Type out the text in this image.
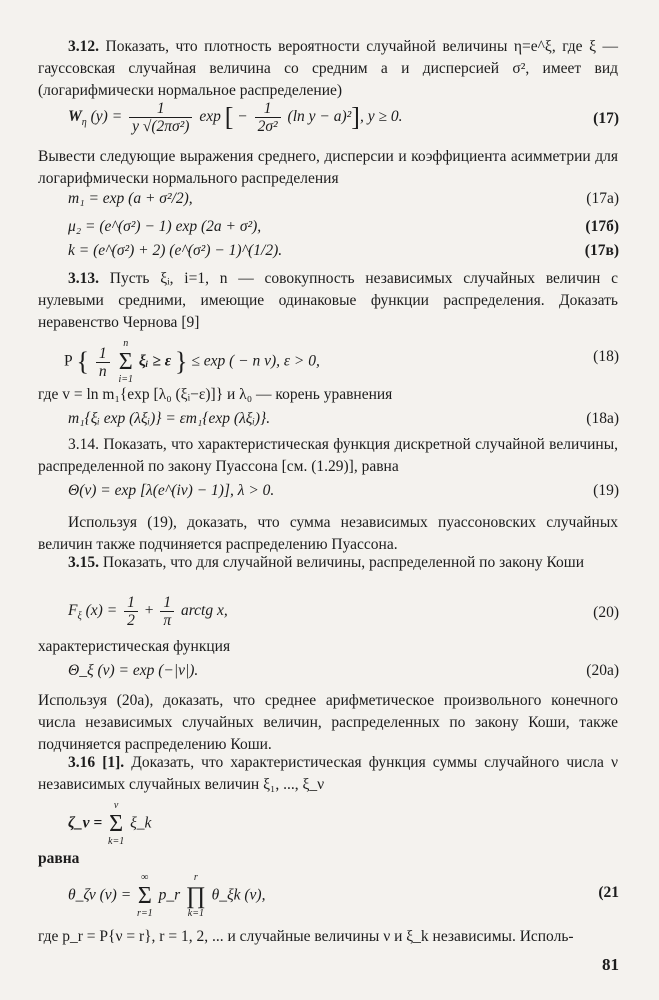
3.12. Показать, что плотность вероятности случайной величины η=e^ξ, где ξ — гауссовская случайная величина со средним a и дисперсией σ², имеет вид (логарифмически нормальное распределение)

$W_\eta$ $(y) = \frac{1}{\text{y √(2πσ²)}}$ exp [ − $\frac{1}{\text{2σ²}} (\ln$ y − a)²], y ≥ 0.	(17)

Вывести следующие выражения среднего, дисперсии и коэффициента асимметрии для логарифмически нормального распределения

m₁ = exp (a + σ²/2),	(17а)
μ₂ = (e^(σ²) − 1) exp (2a + σ²),	(17б)
k = (e^(σ²) + 2) (e^(σ²) − 1)^(1/2).	(17в)

3.13. Пусть ξᵢ, i=1, n — совокупность независимых случайных величин с нулевыми средними, имеющие одинаковые функции распределения. Доказать неравенство Чернова [9]

P { $\frac{1}{n}$

n
Σ
i=1
ξᵢ ≥ ε } ≤ exp ( − n v), ε > 0,	(18)

где v = ln m₁{exp [λ₀ (ξᵢ−ε)]} и λ₀ — корень уравнения

m₁{ξᵢ exp (λξᵢ)} = εm₁{exp (λξᵢ)}.	(18а)

3.14. Показать, что характеристическая функция дискретной случайной величины, распределенной по закону Пуассона [см. (1.29)], равна

Θ(v) = exp [λ(e^(iv) − 1)], λ > 0.	(19)

Используя (19), доказать, что сумма независимых пуассоновских случайных величин также подчиняется распределению Пуассона.

3.15. Показать, что для случайной величины, распределенной по закону Коши

$F_\xi$ $(x) = \frac{1}{2} + \frac{1}{\pi}$ arctg x,	(20)

характеристическая функция

Θ_ξ (v) = exp (−|v|).	(20а)

Используя (20а), доказать, что среднее арифметическое произвольного конечного числа независимых случайных величин, распределенных по закону Коши, также подчиняется распределению Коши.

3.16 [1]. Доказать, что характеристическая функция суммы случайного числа ν независимых случайных величин ξ₁, ..., ξ_ν

ζ_ν =
ν
Σ
k=1
ξ_k

равна

θ_ζν (v) =
∞
Σ
r=1
p_r
r
∏
k=1
θ_ξk (v),	(21

где p_r = P{ν = r}, r = 1, 2, ... и случайные величины ν и ξ_k независимы. Исполь-

81
